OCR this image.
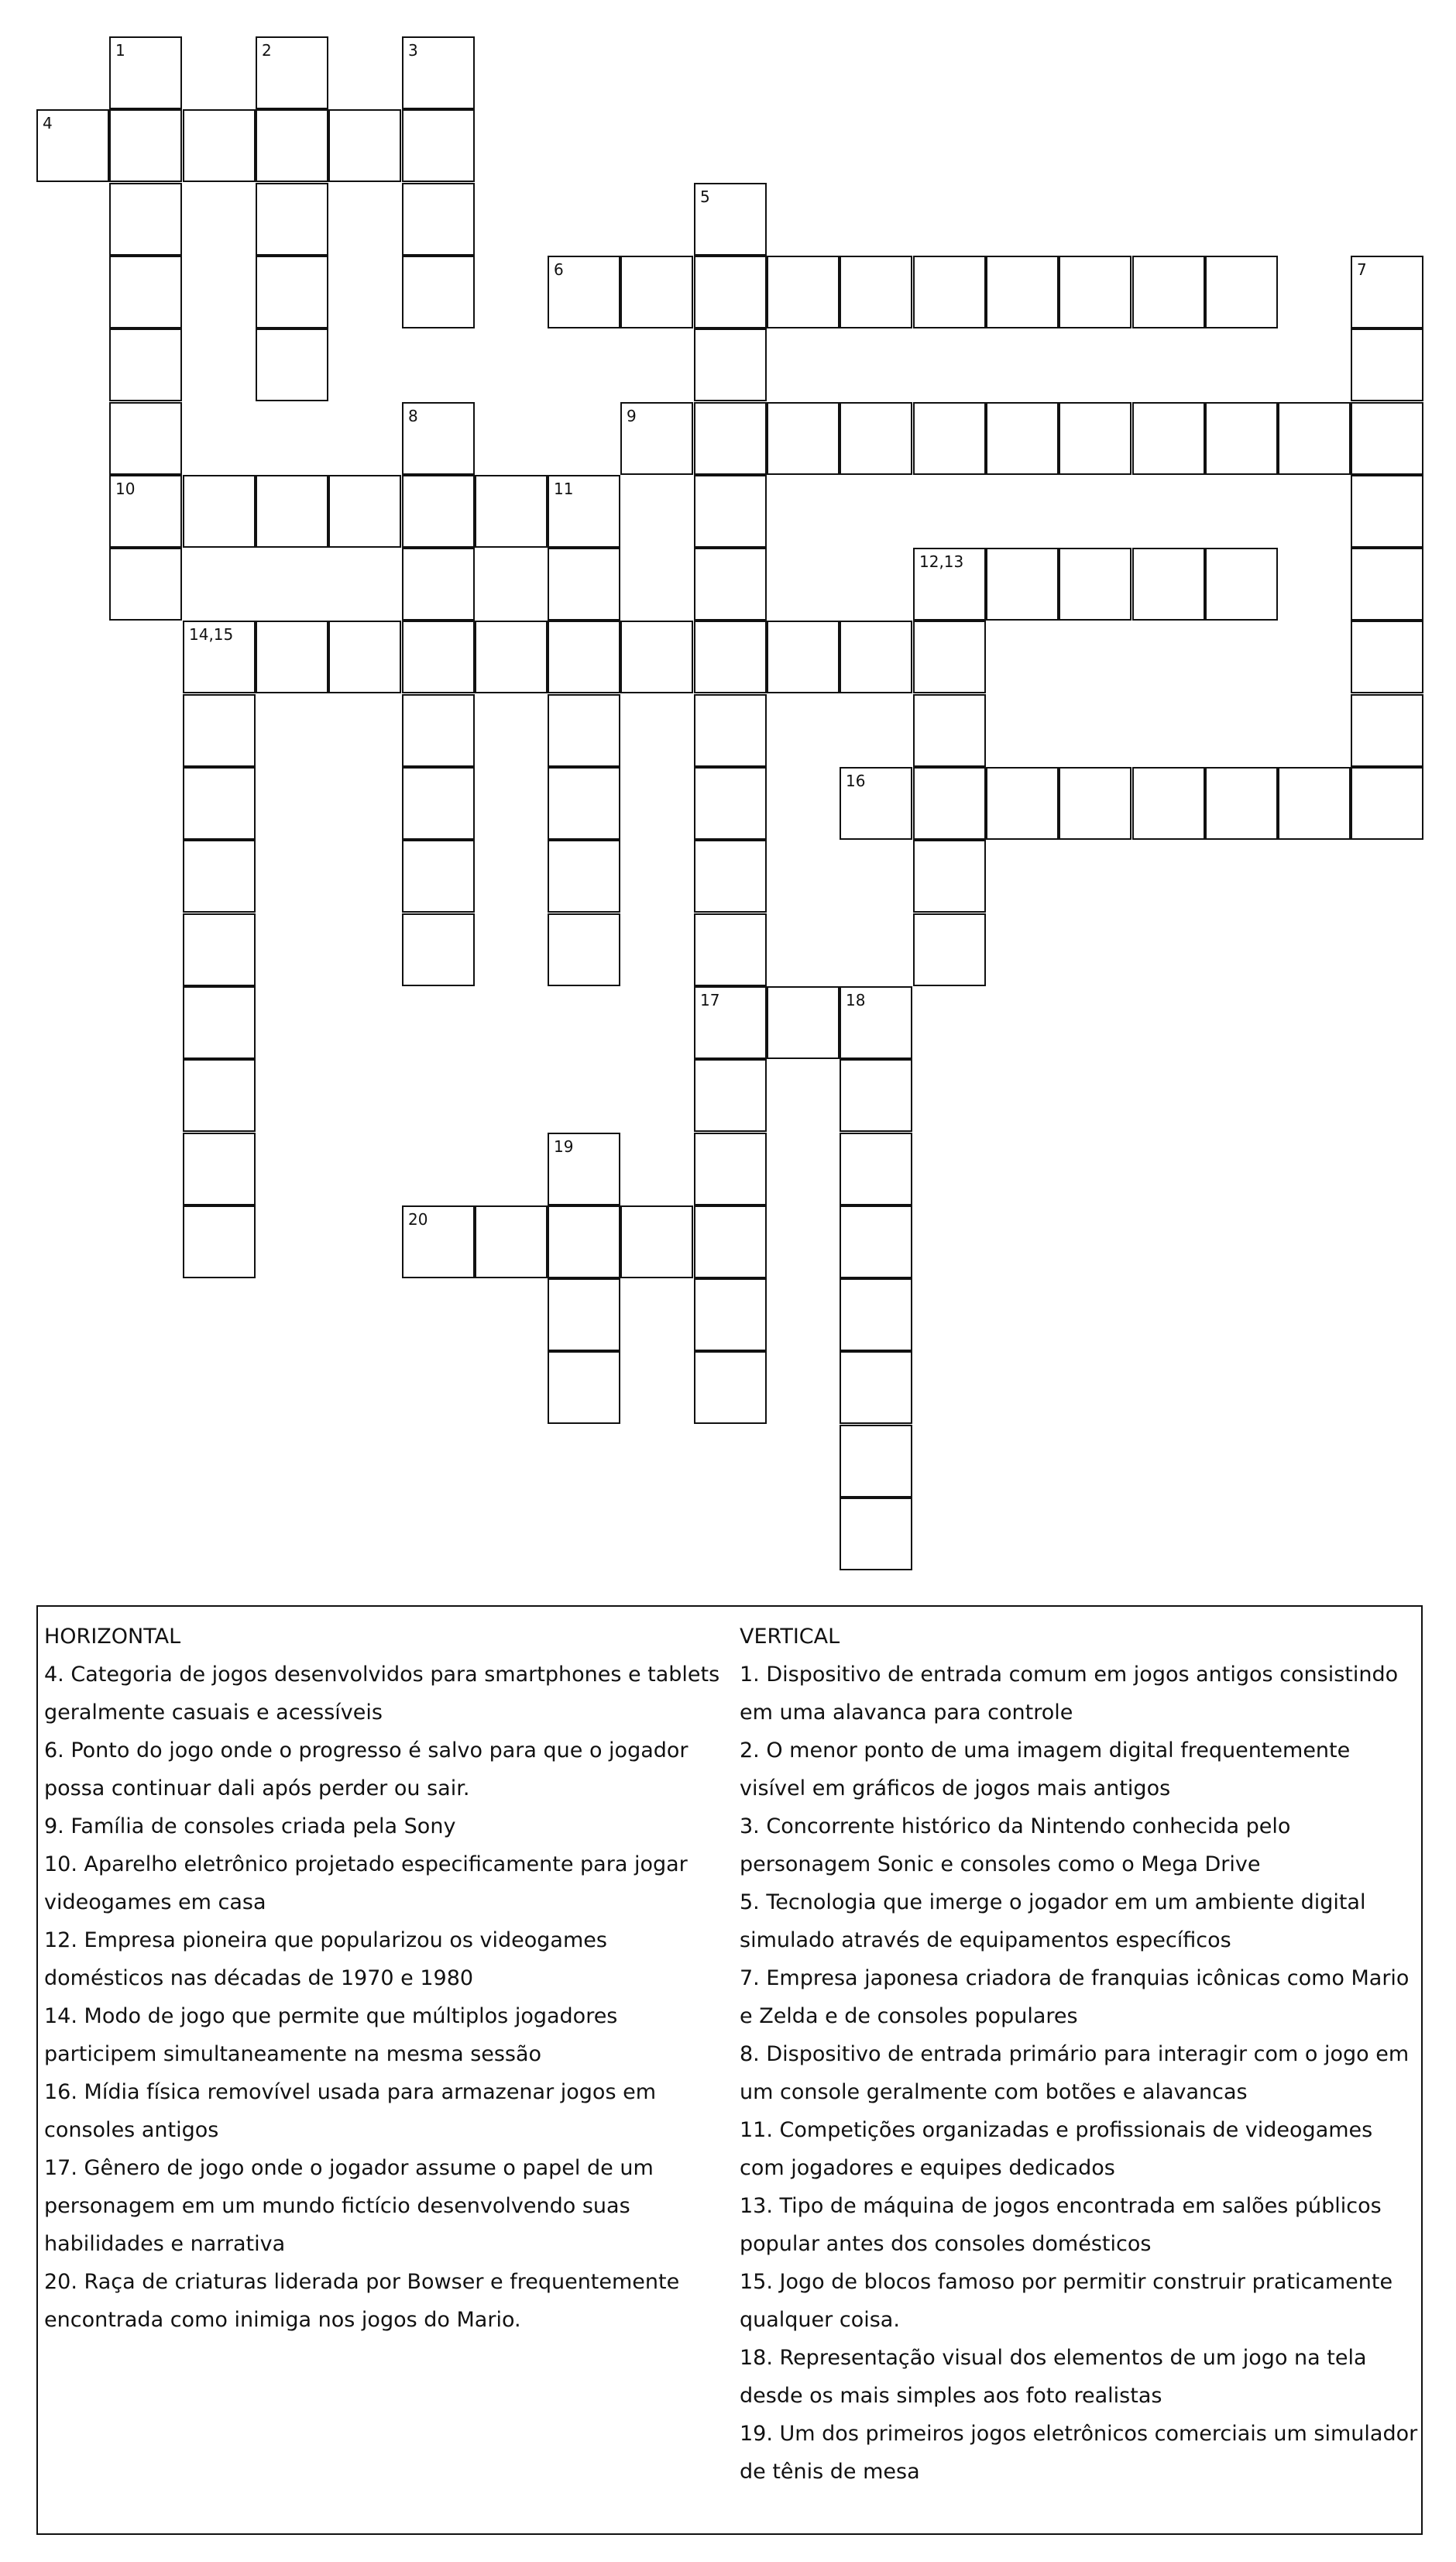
4
6
9
10	11
12,13
14,15
16
17	18
20
1	2	3
5
7
8
19
HORIZONTAL
4. Categoria de jogos desenvolvidos para smartphones e tablets geralmente casuais e acessíveis
6. Ponto do jogo onde o progresso é salvo para que o jogador possa continuar dali após perder ou sair.
9. Família de consoles criada pela Sony
10. Aparelho eletrônico projetado especificamente para jogar videogames em casa
12. Empresa pioneira que popularizou os videogames domésticos nas décadas de 1970 e 1980
14. Modo de jogo que permite que múltiplos jogadores participem simultaneamente na mesma sessão
16. Mídia física removível usada para armazenar jogos em consoles antigos
17. Gênero de jogo onde o jogador assume o papel de um personagem em um mundo fictício desenvolvendo suas habilidades e narrativa
20. Raça de criaturas liderada por Bowser e frequentemente encontrada como inimiga nos jogos do Mario.
VERTICAL
1. Dispositivo de entrada comum em jogos antigos consistindo em uma alavanca para controle
2. O menor ponto de uma imagem digital frequentemente visível em gráficos de jogos mais antigos
3. Concorrente histórico da Nintendo conhecida pelo personagem Sonic e consoles como o Mega Drive
5. Tecnologia que imerge o jogador em um ambiente digital simulado através de equipamentos específicos
7. Empresa japonesa criadora de franquias icônicas como Mario e Zelda e de consoles populares
8. Dispositivo de entrada primário para interagir com o jogo em um console geralmente com botões e alavancas
11. Competições organizadas e profissionais de videogames com jogadores e equipes dedicados
13. Tipo de máquina de jogos encontrada em salões públicos popular antes dos consoles domésticos
15. Jogo de blocos famoso por permitir construir praticamente qualquer coisa.
18. Representação visual dos elementos de um jogo na tela desde os mais simples aos foto realistas
19. Um dos primeiros jogos eletrônicos comerciais um simulador de tênis de mesa
